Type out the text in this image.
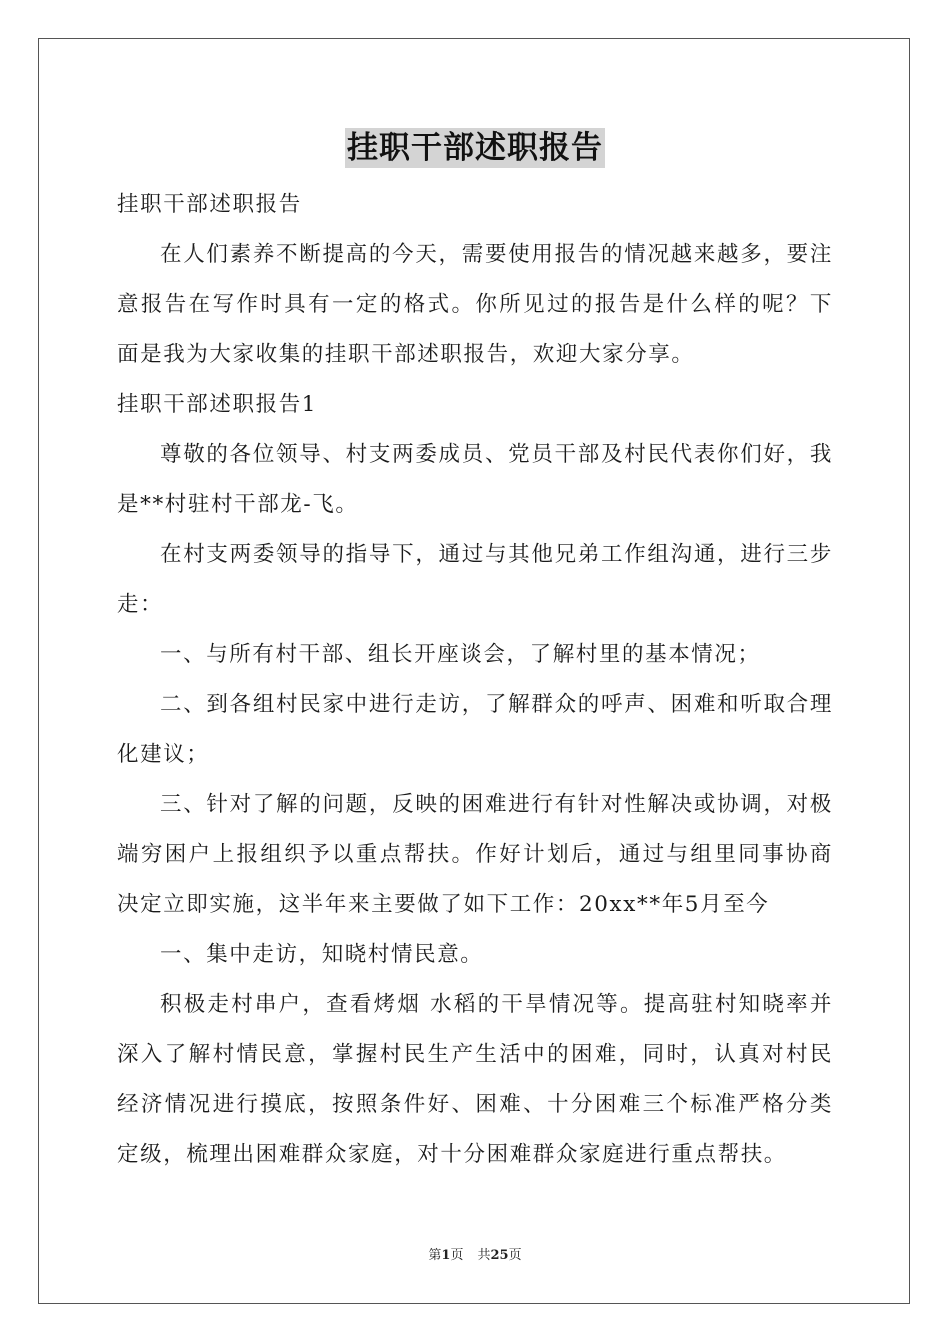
挂职干部述职报告

挂职干部述职报告

在人们素养不断提高的今天，需要使用报告的情况越来越多，要注意报告在写作时具有一定的格式。你所见过的报告是什么样的呢？下面是我为大家收集的挂职干部述职报告，欢迎大家分享。

挂职干部述职报告1

尊敬的各位领导、村支两委成员、党员干部及村民代表你们好，我是**村驻村干部龙-飞。

在村支两委领导的指导下，通过与其他兄弟工作组沟通，进行三步走：

一、与所有村干部、组长开座谈会，了解村里的基本情况；

二、到各组村民家中进行走访，了解群众的呼声、困难和听取合理化建议；

三、针对了解的问题，反映的困难进行有针对性解决或协调，对极端穷困户上报组织予以重点帮扶。作好计划后，通过与组里同事协商决定立即实施，这半年来主要做了如下工作：20xx**年5月至今

一、集中走访，知晓村情民意。

积极走村串户，查看烤烟 水稻的干旱情况等。提高驻村知晓率并深入了解村情民意，掌握村民生产生活中的困难，同时，认真对村民经济情况进行摸底，按照条件好、困难、十分困难三个标准严格分类定级，梳理出困难群众家庭，对十分困难群众家庭进行重点帮扶。

第1页 共25页
